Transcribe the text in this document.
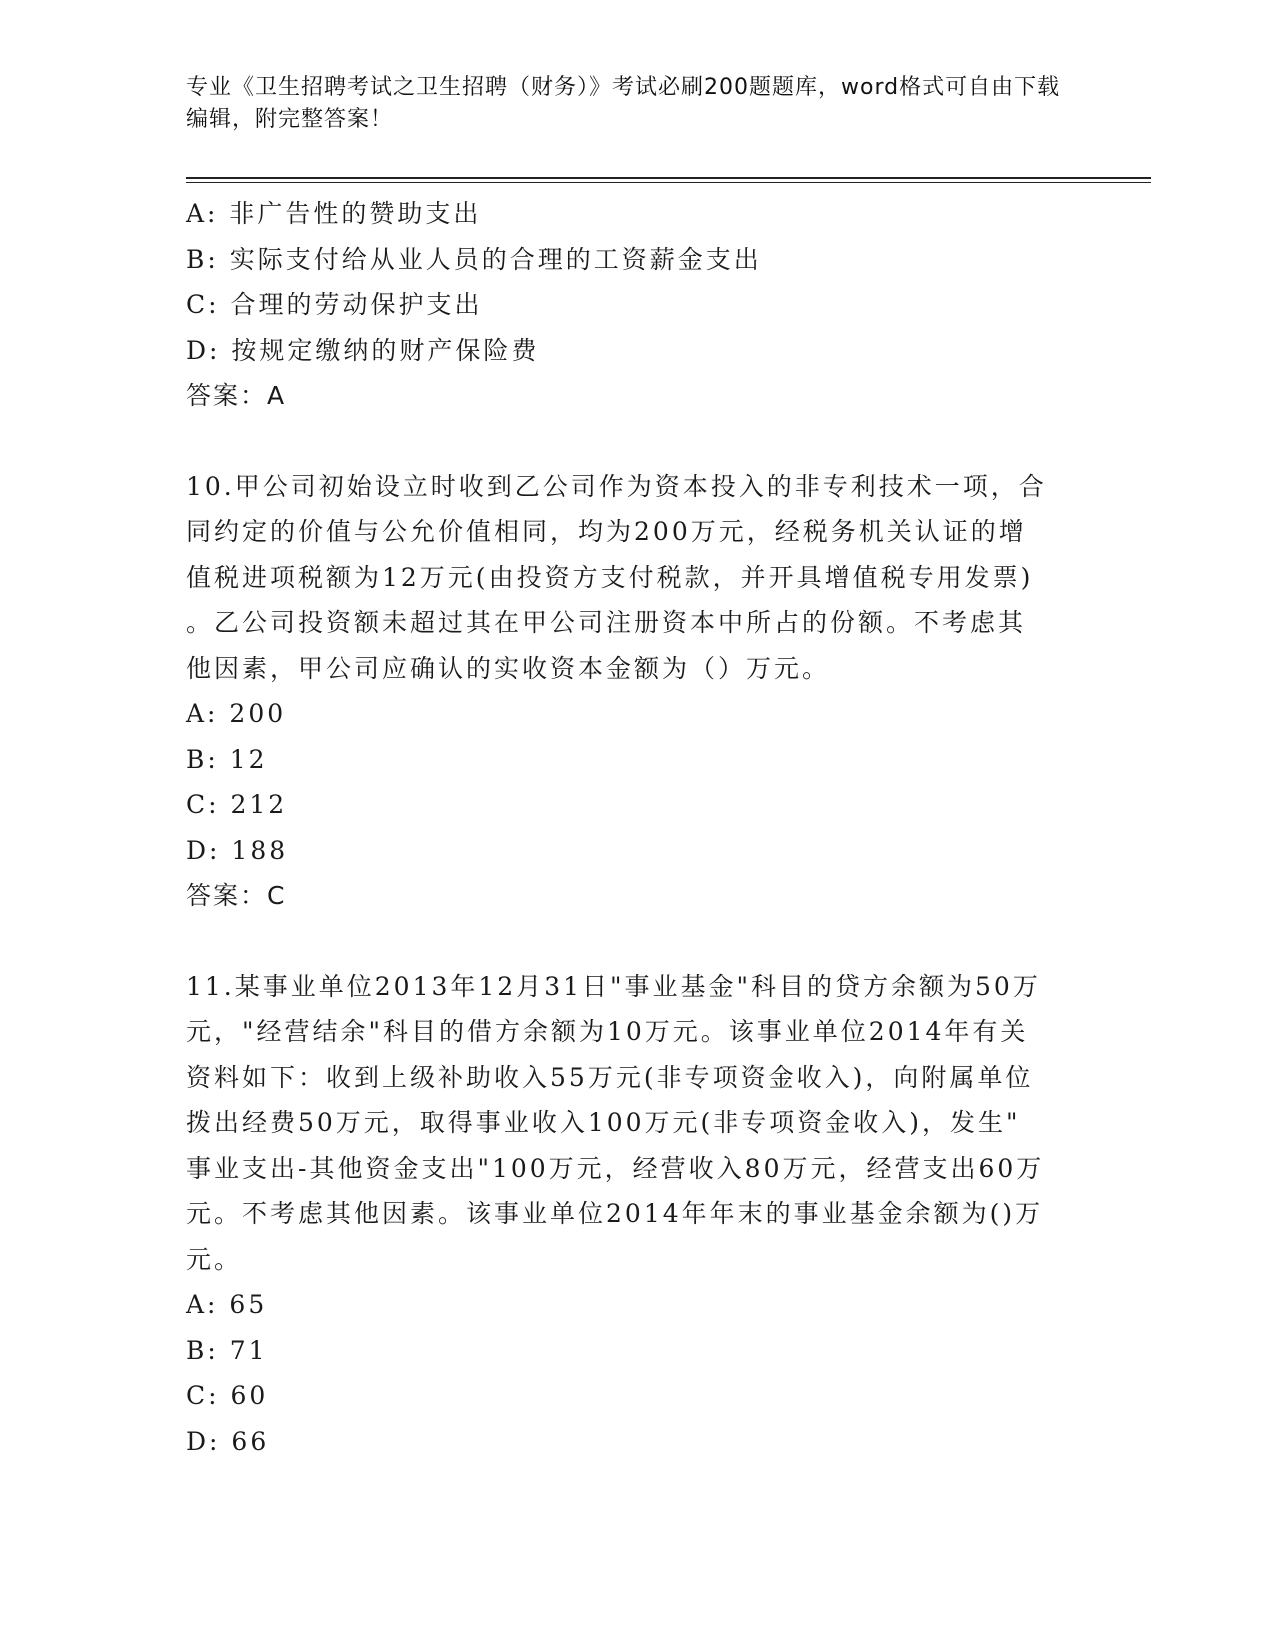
专业《卫生招聘考试之卫生招聘（财务）》考试必刷200题题库，word格式可自由下载编辑，附完整答案！
A: 非广告性的赞助支出
B: 实际支付给从业人员的合理的工资薪金支出
C: 合理的劳动保护支出
D: 按规定缴纳的财产保险费
答案：A
10.甲公司初始设立时收到乙公司作为资本投入的非专利技术一项，合
同约定的价值与公允价值相同，均为200万元，经税务机关认证的增
值税进项税额为12万元(由投资方支付税款，并开具增值税专用发票)
。乙公司投资额未超过其在甲公司注册资本中所占的份额。不考虑其
他因素，甲公司应确认的实收资本金额为（）万元。
A: 200
B: 12
C: 212
D: 188
答案：C
11.某事业单位2013年12月31日"事业基金"科目的贷方余额为50万
元，"经营结余"科目的借方余额为10万元。该事业单位2014年有关
资料如下：收到上级补助收入55万元(非专项资金收入)，向附属单位
拨出经费50万元，取得事业收入100万元(非专项资金收入)，发生"
事业支出-其他资金支出"100万元，经营收入80万元，经营支出60万
元。不考虑其他因素。该事业单位2014年年末的事业基金余额为()万
元。
A: 65
B: 71
C: 60
D: 66
